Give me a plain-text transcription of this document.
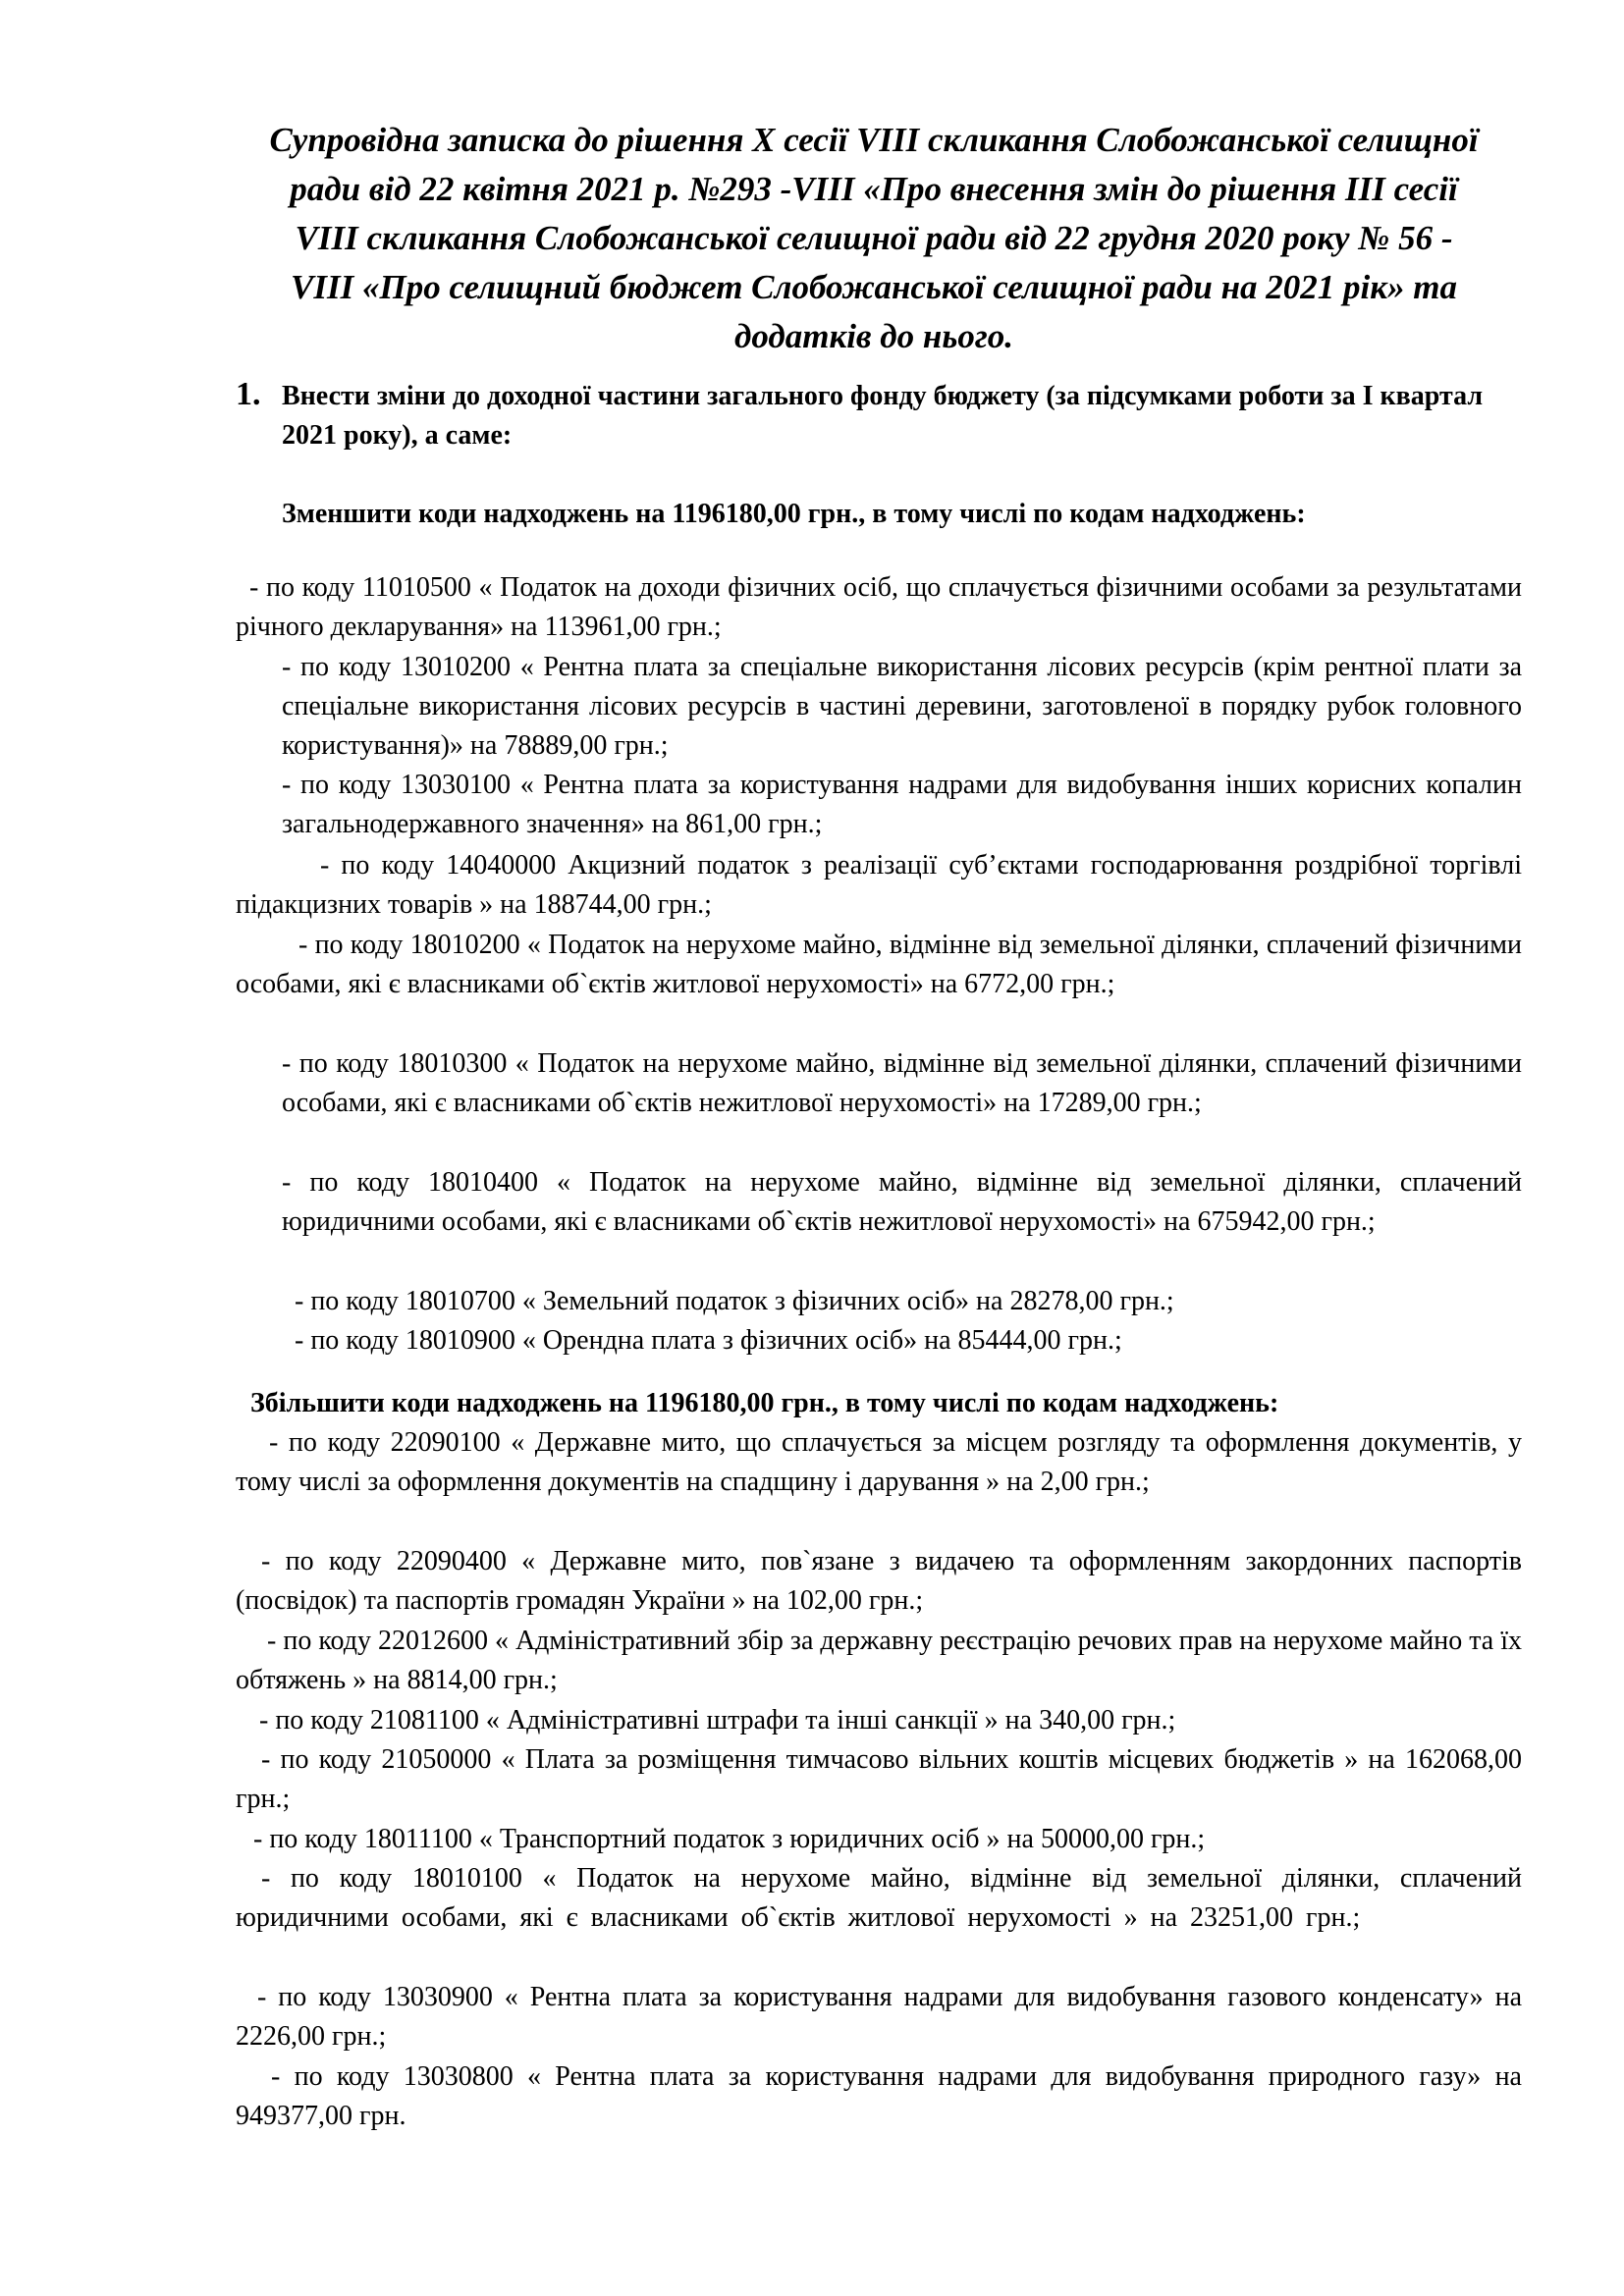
Супровідна записка до рішення Х сесії VIII скликання Слобожанської селищної ради від 22 квітня 2021 р. №293 -VIII «Про внесення змін до рішення ІІІ сесії VIII скликання Слобожанської селищної ради від 22 грудня 2020 року № 56 - VIII «Про селищний бюджет Слобожанської селищної ради на 2021 рік» та додатків до нього.
1. Внести зміни до доходної частини загального фонду бюджету (за підсумками роботи за I квартал 2021 року), а саме:
Зменшити коди надходжень на 1196180,00 грн., в тому числі по кодам надходжень:
- по коду 11010500 « Податок на доходи фізичних осіб, що сплачується фізичними особами за результатами річного декларування» на 113961,00 грн.;
- по коду 13010200 « Рентна плата за спеціальне використання лісових ресурсів (крім рентної плати за спеціальне використання лісових ресурсів в частині деревини, заготовленої в порядку рубок головного користування)» на 78889,00 грн.;
- по коду 13030100 « Рентна плата за користування надрами для видобування інших корисних копалин загальнодержавного значення» на 861,00 грн.;
- по коду 14040000 Акцизний податок з реалізації суб’єктами господарювання роздрібної торгівлі підакцизних товарів » на 188744,00 грн.;
- по коду 18010200 « Податок на нерухоме майно, відмінне від земельної ділянки, сплачений фізичними особами, які є власниками об`єктів житлової нерухомості» на 6772,00 грн.;
- по коду 18010300 « Податок на нерухоме майно, відмінне від земельної ділянки, сплачений фізичними особами, які є власниками об`єктів нежитлової нерухомості» на 17289,00 грн.;
- по коду 18010400 « Податок на нерухоме майно, відмінне від земельної ділянки, сплачений юридичними особами, які є власниками об`єктів нежитлової нерухомості» на 675942,00 грн.;
- по коду 18010700 « Земельний податок з фізичних осіб» на 28278,00 грн.;
- по коду 18010900 « Орендна плата з фізичних осіб» на 85444,00 грн.;
Збільшити коди надходжень на 1196180,00 грн., в тому числі по кодам надходжень:
- по коду 22090100 « Державне мито, що сплачується за місцем розгляду та оформлення документів, у тому числі за оформлення документів на спадщину і дарування » на 2,00 грн.;
- по коду 22090400 « Державне мито, пов`язане з видачею та оформленням закордонних паспортів (посвідок) та паспортів громадян України » на 102,00 грн.;
- по коду 22012600 « Адміністративний збір за державну реєстрацію речових прав на нерухоме майно та їх обтяжень » на 8814,00 грн.;
- по коду 21081100 « Адміністративні штрафи та інші санкції » на 340,00 грн.;
- по коду 21050000 « Плата за розміщення тимчасово вільних коштів місцевих бюджетів » на 162068,00 грн.;
- по коду 18011100 « Транспортний податок з юридичних осіб » на 50000,00 грн.;
- по коду 18010100 « Податок на нерухоме майно, відмінне від земельної ділянки, сплачений юридичними особами, які є власниками об`єктів житлової нерухомості » на 23251,00 грн.;
- по коду 13030900 « Рентна плата за користування надрами для видобування газового конденсату» на 2226,00 грн.;
- по коду 13030800 « Рентна плата за користування надрами для видобування природного газу» на 949377,00 грн.
